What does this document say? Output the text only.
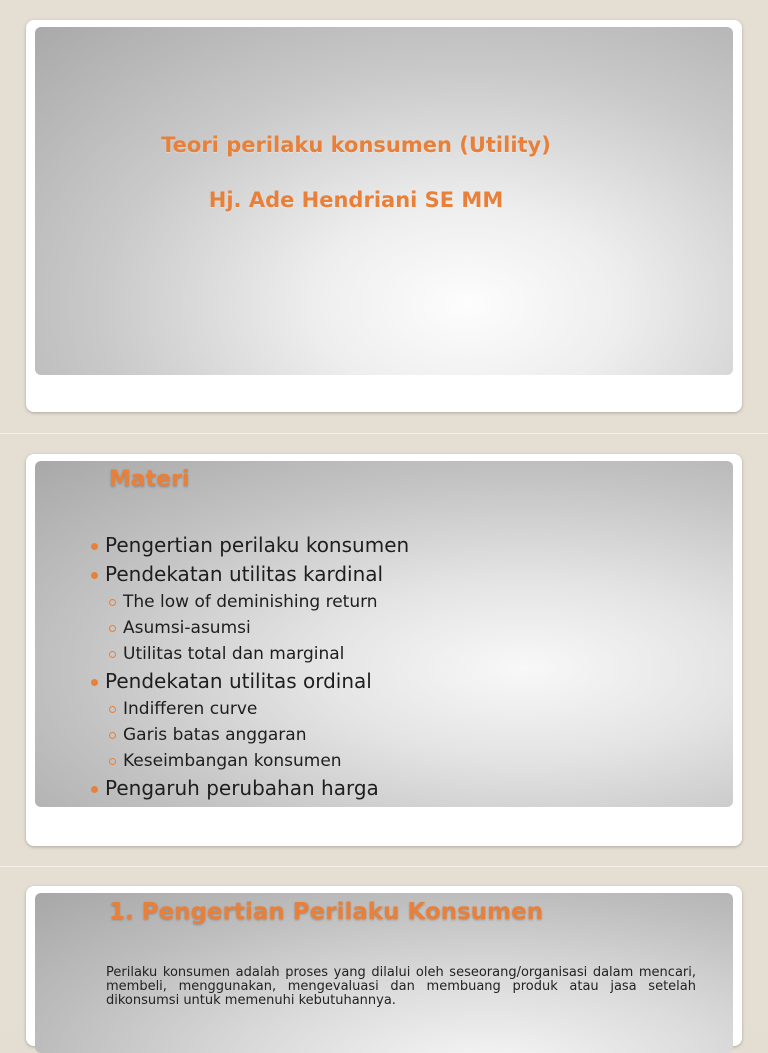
Teori perilaku konsumen (Utility)
Hj. Ade Hendriani SE MM
Materi
Pengertian perilaku konsumen
Pendekatan utilitas kardinal
The low of deminishing return
Asumsi-asumsi
Utilitas total dan marginal
Pendekatan utilitas ordinal
Indifferen curve
Garis batas anggaran
Keseimbangan konsumen
Pengaruh perubahan harga
1. Pengertian Perilaku Konsumen
Perilaku konsumen adalah proses yang dilalui oleh seseorang/organisasi dalam mencari, membeli, menggunakan, mengevaluasi dan membuang produk atau jasa setelah dikonsumsi untuk memenuhi kebutuhannya.
